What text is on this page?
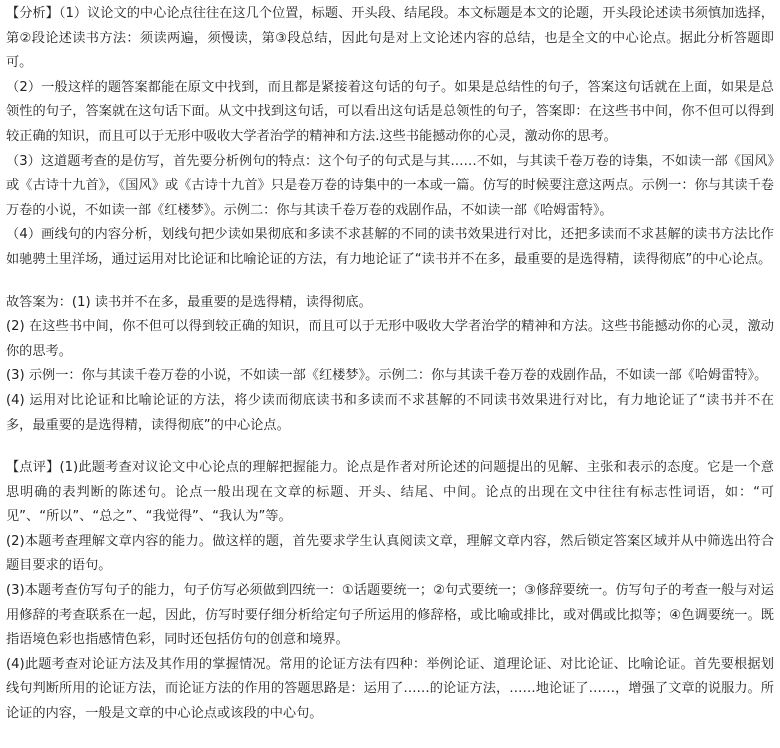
【分析】（1）议论文的中心论点往往在这几个位置，标题、开头段、结尾段。本文标题是本文的论题，开头段论述读书须慎加选择，第②段论述读书方法：须读两遍，须慢读，第③段总结，因此句是对上文论述内容的总结，也是全文的中心论点。据此分析答题即可。

（2）一般这样的题答案都能在原文中找到，而且都是紧接着这句话的句子。如果是总结性的句子，答案这句话就在上面，如果是总领性的句子，答案就在这句话下面。从文中找到这句话，可以看出这句话是总领性的句子，答案即：在这些书中间，你不但可以得到较正确的知识，而且可以于无形中吸收大学者治学的精神和方法.这些书能撼动你的心灵，激动你的思考。

（3）这道题考查的是仿写，首先要分析例句的特点：这个句子的句式是与其……不如，与其读千卷万卷的诗集，不如读一部《国风》或《古诗十九首》，《国风》或《古诗十九首》只是卷万卷的诗集中的一本或一篇。仿写的时候要注意这两点。示例一：你与其读千卷万卷的小说，不如读一部《红楼梦》。示例二：你与其读千卷万卷的戏剧作品，不如读一部《哈姆雷特》。

（4）画线句的内容分析，划线句把少读如果彻底和多读不求甚解的不同的读书效果进行对比，还把多读而不求甚解的读书方法比作如驰骋土里洋场，通过运用对比论证和比喻论证的方法，有力地论证了“读书并不在多，最重要的是选得精，读得彻底”的中心论点。

故答案为：(1) 读书并不在多，最重要的是选得精，读得彻底。

(2) 在这些书中间，你不但可以得到较正确的知识，而且可以于无形中吸收大学者治学的精神和方法。这些书能撼动你的心灵，激动你的思考。

(3) 示例一：你与其读千卷万卷的小说，不如读一部《红楼梦》。示例二：你与其读千卷万卷的戏剧作品，不如读一部《哈姆雷特》。

(4) 运用对比论证和比喻论证的方法，将少读而彻底读书和多读而不求甚解的不同读书效果进行对比，有力地论证了“读书并不在多，最重要的是选得精，读得彻底”的中心论点。

【点评】(1)此题考查对议论文中心论点的理解把握能力。论点是作者对所论述的问题提出的见解、主张和表示的态度。它是一个意思明确的表判断的陈述句。论点一般出现在文章的标题、开头、结尾、中间。论点的出现在文中往往有标志性词语，如：“可见”、“所以”、“总之”、“我觉得”、“我认为”等。

(2)本题考查理解文章内容的能力。做这样的题，首先要求学生认真阅读文章，理解文章内容，然后锁定答案区域并从中筛选出符合题目要求的语句。

(3)本题考查仿写句子的能力，句子仿写必须做到四统一：①话题要统一；②句式要统一；③修辞要统一。仿写句子的考查一般与对运用修辞的考查联系在一起，因此，仿写时要仔细分析给定句子所运用的修辞格，或比喻或排比，或对偶或比拟等；④色调要统一。既指语境色彩也指感情色彩，同时还包括仿句的创意和境界。

(4)此题考查对论证方法及其作用的掌握情况。常用的论证方法有四种：举例论证、道理论证、对比论证、比喻论证。首先要根据划线句判断所用的论证方法，而论证方法的作用的答题思路是：运用了……的论证方法，……地论证了……，增强了文章的说服力。所论证的内容，一般是文章的中心论点或该段的中心句。
